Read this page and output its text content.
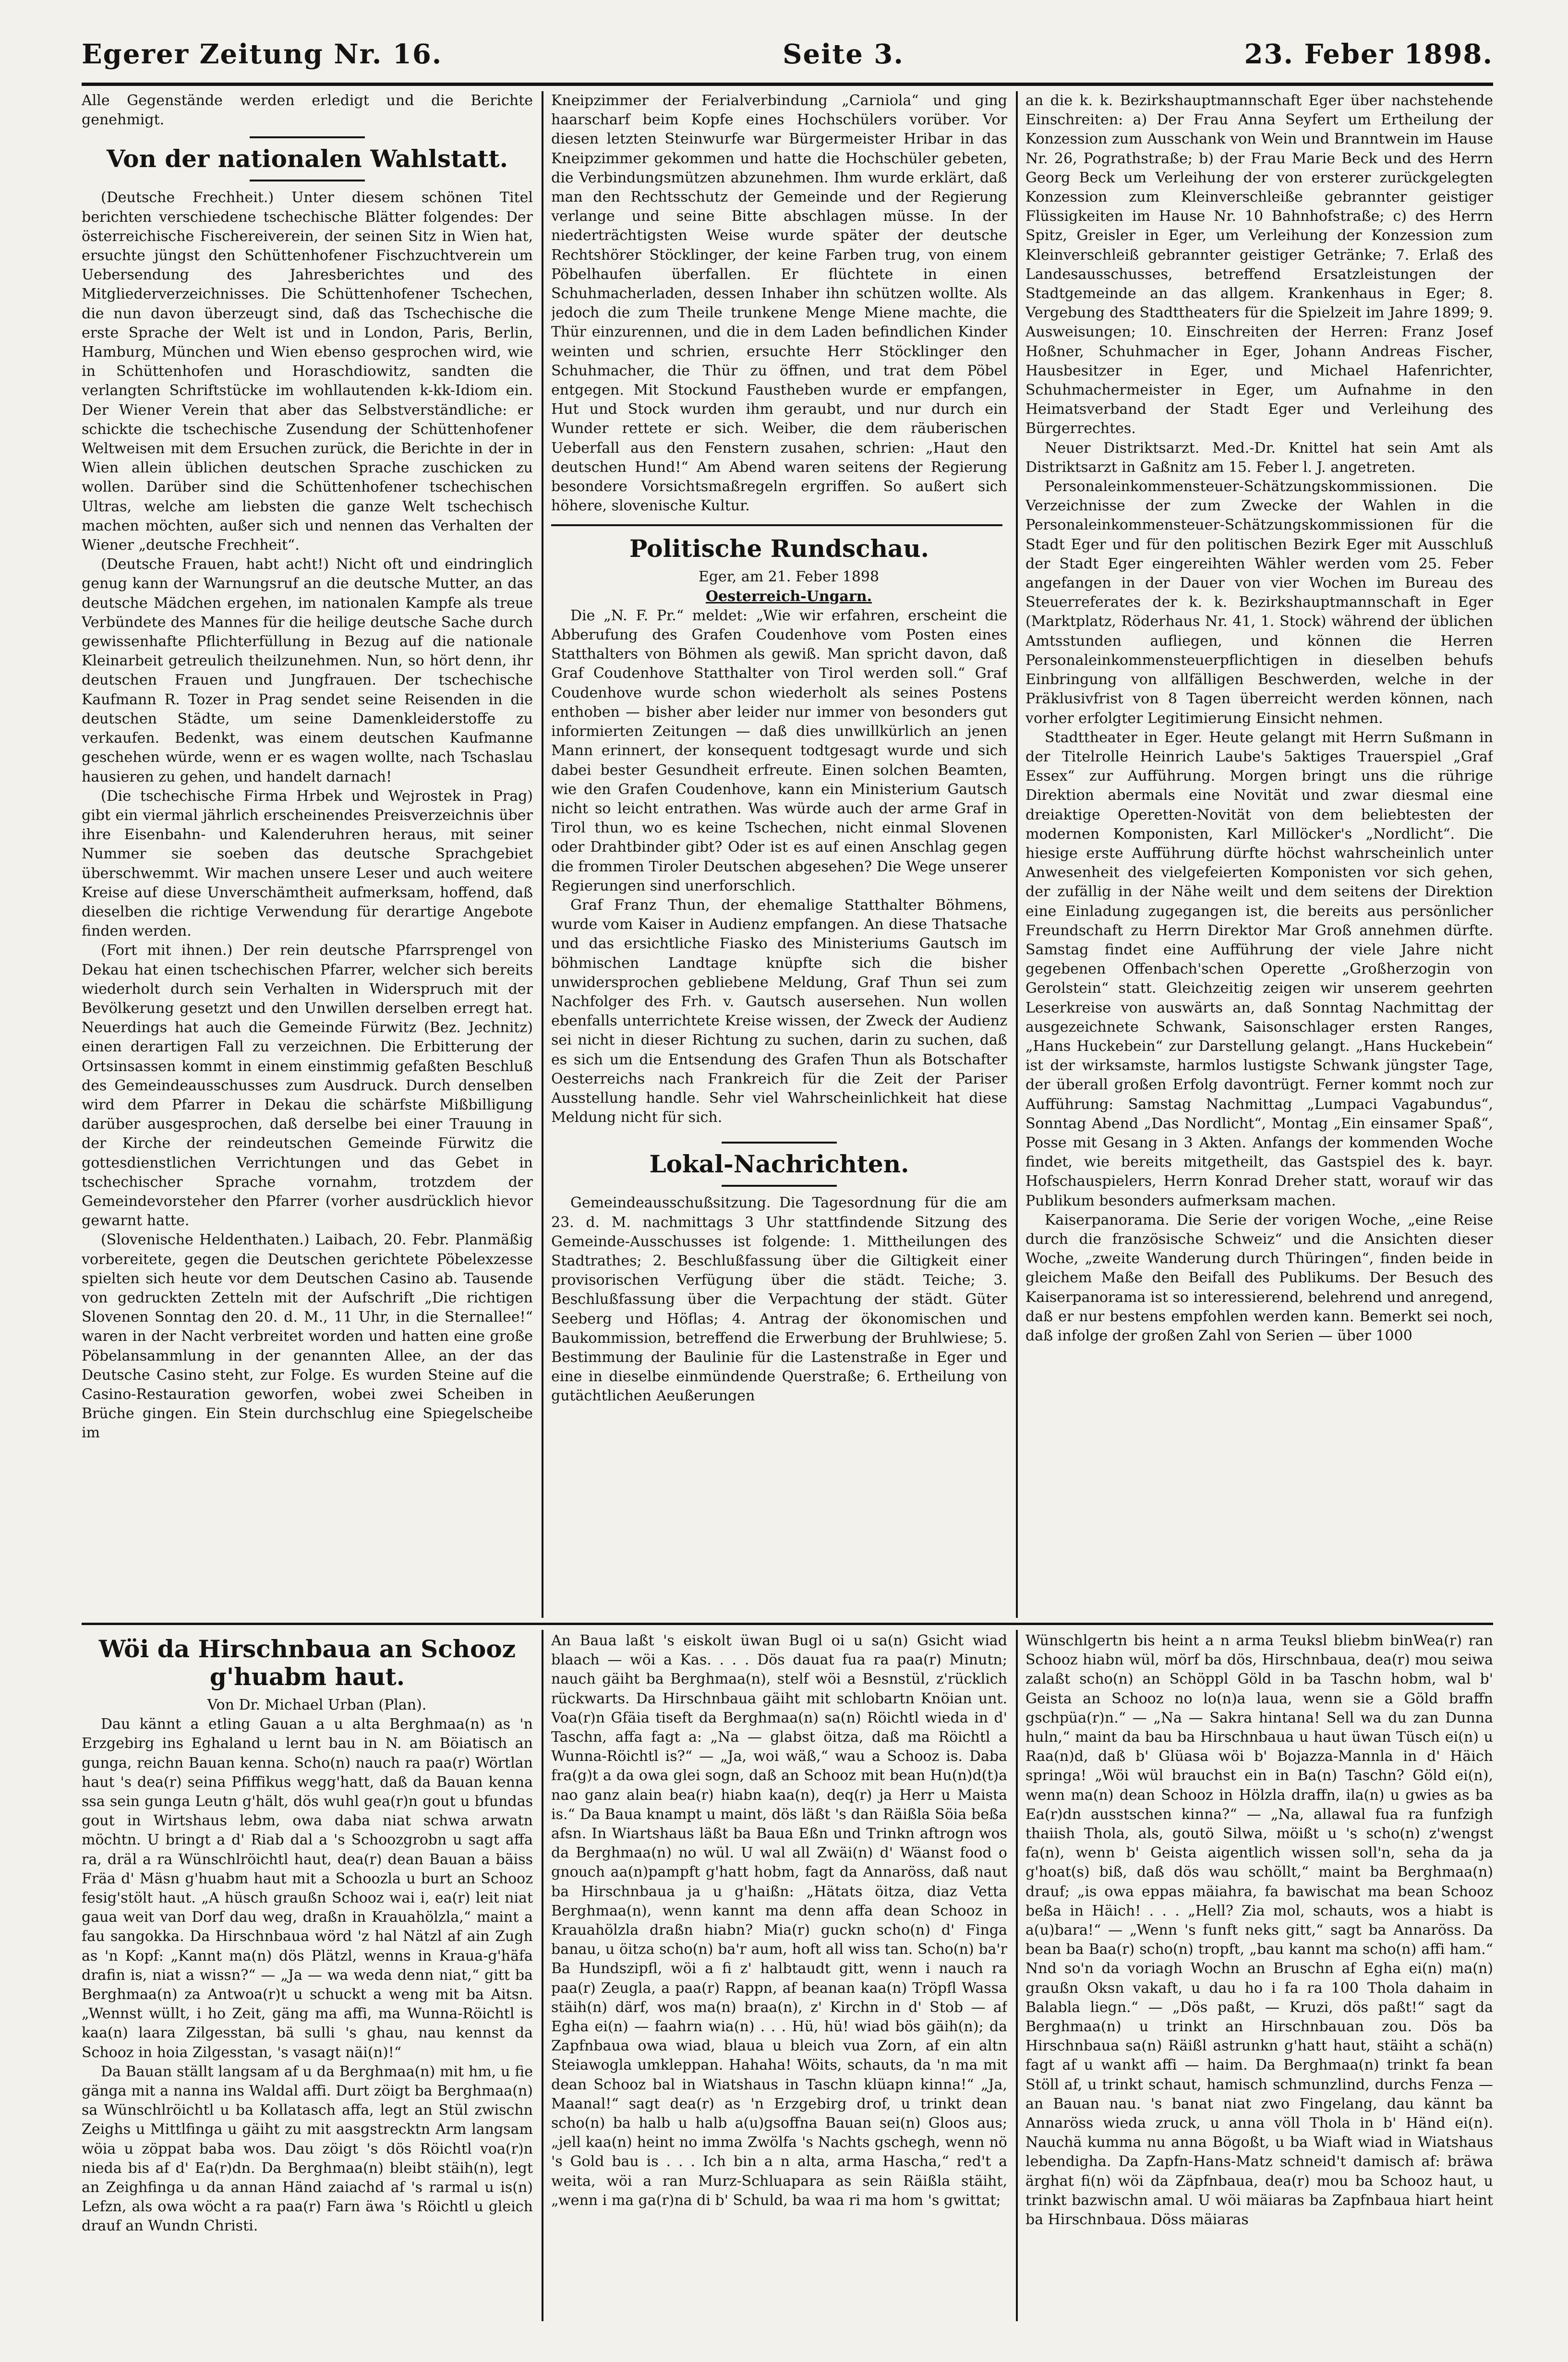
Egerer Zeitung Nr. 16.	Seite 3.	23. Feber 1898.

Alle Gegenstände werden erledigt und die Berichte genehmigt.

Von der nationalen Wahlstatt.

(Deutsche Frechheit.) Unter diesem schönen Titel berichten verschiedene tschechische Blätter folgendes: Der österreichische Fischereiverein, der seinen Sitz in Wien hat, ersuchte jüngst den Schüttenhofener Fischzuchtverein um Uebersendung des Jahresberichtes und des Mitgliederverzeichnisses. Die Schüttenhofener Tschechen, die nun davon überzeugt sind, daß das Tschechische die erste Sprache der Welt ist und in London, Paris, Berlin, Hamburg, München und Wien ebenso gesprochen wird, wie in Schüttenhofen und Horaschdiowitz, sandten die verlangten Schriftstücke im wohllautenden k-kk-Idiom ein. Der Wiener Verein that aber das Selbstverständliche: er schickte die tschechische Zusendung der Schüttenhofener Weltweisen mit dem Ersuchen zurück, die Berichte in der in Wien allein üblichen deutschen Sprache zuschicken zu wollen. Darüber sind die Schüttenhofener tschechischen Ultras, welche am liebsten die ganze Welt tschechisch machen möchten, außer sich und nennen das Verhalten der Wiener „deutsche Frechheit“.

(Deutsche Frauen, habt acht!) Nicht oft und eindringlich genug kann der Warnungsruf an die deutsche Mutter, an das deutsche Mädchen ergehen, im nationalen Kampfe als treue Verbündete des Mannes für die heilige deutsche Sache durch gewissenhafte Pflichterfüllung in Bezug auf die nationale Kleinarbeit getreulich theilzunehmen. Nun, so hört denn, ihr deutschen Frauen und Jungfrauen. Der tschechische Kaufmann R. Tozer in Prag sendet seine Reisenden in die deutschen Städte, um seine Damenkleiderstoffe zu verkaufen. Bedenkt, was einem deutschen Kaufmanne geschehen würde, wenn er es wagen wollte, nach Tschaslau hausieren zu gehen, und handelt darnach!

(Die tschechische Firma Hrbek und Wejrostek in Prag) gibt ein viermal jährlich erscheinendes Preisverzeichnis über ihre Eisenbahn- und Kalenderuhren heraus, mit seiner Nummer sie soeben das deutsche Sprachgebiet überschwemmt. Wir machen unsere Leser und auch weitere Kreise auf diese Unverschämtheit aufmerksam, hoffend, daß dieselben die richtige Verwendung für derartige Angebote finden werden.

(Fort mit ihnen.) Der rein deutsche Pfarrsprengel von Dekau hat einen tschechischen Pfarrer, welcher sich bereits wiederholt durch sein Verhalten in Widerspruch mit der Bevölkerung gesetzt und den Unwillen derselben erregt hat. Neuerdings hat auch die Gemeinde Fürwitz (Bez. Jechnitz) einen derartigen Fall zu verzeichnen. Die Erbitterung der Ortsinsassen kommt in einem einstimmig gefaßten Beschluß des Gemeindeausschusses zum Ausdruck. Durch denselben wird dem Pfarrer in Dekau die schärfste Mißbilligung darüber ausgesprochen, daß derselbe bei einer Trauung in der Kirche der reindeutschen Gemeinde Fürwitz die gottesdienstlichen Verrichtungen und das Gebet in tschechischer Sprache vornahm, trotzdem der Gemeindevorsteher den Pfarrer (vorher ausdrücklich hievor gewarnt hatte.

(Slovenische Heldenthaten.) Laibach, 20. Febr. Planmäßig vorbereitete, gegen die Deutschen gerichtete Pöbelexzesse spielten sich heute vor dem Deutschen Casino ab. Tausende von gedruckten Zetteln mit der Aufschrift „Die richtigen Slovenen Sonntag den 20. d. M., 11 Uhr, in die Sternallee!“ waren in der Nacht verbreitet worden und hatten eine große Pöbelansammlung in der genannten Allee, an der das Deutsche Casino steht, zur Folge. Es wurden Steine auf die Casino-Restauration geworfen, wobei zwei Scheiben in Brüche gingen. Ein Stein durchschlug eine Spiegelscheibe im

Kneipzimmer der Ferialverbindung „Carniola“ und ging haarscharf beim Kopfe eines Hochschülers vorüber. Vor diesen letzten Steinwurfe war Bürgermeister Hribar in das Kneipzimmer gekommen und hatte die Hochschüler gebeten, die Verbindungsmützen abzunehmen. Ihm wurde erklärt, daß man den Rechtsschutz der Gemeinde und der Regierung verlange und seine Bitte abschlagen müsse. In der niederträchtigsten Weise wurde später der deutsche Rechtshörer Stöcklinger, der keine Farben trug, von einem Pöbelhaufen überfallen. Er flüchtete in einen Schuhmacherladen, dessen Inhaber ihn schützen wollte. Als jedoch die zum Theile trunkene Menge Miene machte, die Thür einzurennen, und die in dem Laden befindlichen Kinder weinten und schrien, ersuchte Herr Stöcklinger den Schuhmacher, die Thür zu öffnen, und trat dem Pöbel entgegen. Mit Stockund Faustheben wurde er empfangen, Hut und Stock wurden ihm geraubt, und nur durch ein Wunder rettete er sich. Weiber, die dem räuberischen Ueberfall aus den Fenstern zusahen, schrien: „Haut den deutschen Hund!“ Am Abend waren seitens der Regierung besondere Vorsichtsmaßregeln ergriffen. So außert sich höhere, slovenische Kultur.

Politische Rundschau.

Eger, am 21. Feber 1898

Oesterreich-Ungarn.

Die „N. F. Pr.“ meldet: „Wie wir erfahren, erscheint die Abberufung des Grafen Coudenhove vom Posten eines Statthalters von Böhmen als gewiß. Man spricht davon, daß Graf Coudenhove Statthalter von Tirol werden soll.“ Graf Coudenhove wurde schon wiederholt als seines Postens enthoben — bisher aber leider nur immer von besonders gut informierten Zeitungen — daß dies unwillkürlich an jenen Mann erinnert, der konsequent todtgesagt wurde und sich dabei bester Gesundheit erfreute. Einen solchen Beamten, wie den Grafen Coudenhove, kann ein Ministerium Gautsch nicht so leicht entrathen. Was würde auch der arme Graf in Tirol thun, wo es keine Tschechen, nicht einmal Slovenen oder Drahtbinder gibt? Oder ist es auf einen Anschlag gegen die frommen Tiroler Deutschen abgesehen? Die Wege unserer Regierungen sind unerforschlich.

Graf Franz Thun, der ehemalige Statthalter Böhmens, wurde vom Kaiser in Audienz empfangen. An diese Thatsache und das ersichtliche Fiasko des Ministeriums Gautsch im böhmischen Landtage knüpfte sich die bisher unwidersprochen gebliebene Meldung, Graf Thun sei zum Nachfolger des Frh. v. Gautsch ausersehen. Nun wollen ebenfalls unterrichtete Kreise wissen, der Zweck der Audienz sei nicht in dieser Richtung zu suchen, darin zu suchen, daß es sich um die Entsendung des Grafen Thun als Botschafter Oesterreichs nach Frankreich für die Zeit der Pariser Ausstellung handle. Sehr viel Wahrscheinlichkeit hat diese Meldung nicht für sich.

Lokal-Nachrichten.

Gemeindeausschußsitzung. Die Tagesordnung für die am 23. d. M. nachmittags 3 Uhr stattfindende Sitzung des Gemeinde-Ausschusses ist folgende: 1. Mittheilungen des Stadtrathes; 2. Beschlußfassung über die Giltigkeit einer provisorischen Verfügung über die städt. Teiche; 3. Beschlußfassung über die Verpachtung der städt. Güter Seeberg und Höflas; 4. Antrag der ökonomischen und Baukommission, betreffend die Erwerbung der Bruhlwiese; 5. Bestimmung der Baulinie für die Lastenstraße in Eger und eine in dieselbe einmündende Querstraße; 6. Ertheilung von gutächtlichen Aeußerungen

an die k. k. Bezirkshauptmannschaft Eger über nachstehende Einschreiten: a) Der Frau Anna Seyfert um Ertheilung der Konzession zum Ausschank von Wein und Branntwein im Hause Nr. 26, Pograthstraße; b) der Frau Marie Beck und des Herrn Georg Beck um Verleihung der von ersterer zurückgelegten Konzession zum Kleinverschleiße gebrannter geistiger Flüssigkeiten im Hause Nr. 10 Bahnhofstraße; c) des Herrn Spitz, Greisler in Eger, um Verleihung der Konzession zum Kleinverschleiß gebrannter geistiger Getränke; 7. Erlaß des Landesausschusses, betreffend Ersatzleistungen der Stadtgemeinde an das allgem. Krankenhaus in Eger; 8. Vergebung des Stadttheaters für die Spielzeit im Jahre 1899; 9. Ausweisungen; 10. Einschreiten der Herren: Franz Josef Hoßner, Schuhmacher in Eger, Johann Andreas Fischer, Hausbesitzer in Eger, und Michael Hafenrichter, Schuhmachermeister in Eger, um Aufnahme in den Heimatsverband der Stadt Eger und Verleihung des Bürgerrechtes.

Neuer Distriktsarzt. Med.-Dr. Knittel hat sein Amt als Distriktsarzt in Gaßnitz am 15. Feber l. J. angetreten.

Personaleinkommensteuer-Schätzungskommissionen. Die Verzeichnisse der zum Zwecke der Wahlen in die Personaleinkommensteuer-Schätzungskommissionen für die Stadt Eger und für den politischen Bezirk Eger mit Ausschluß der Stadt Eger eingereihten Wähler werden vom 25. Feber angefangen in der Dauer von vier Wochen im Bureau des Steuerreferates der k. k. Bezirkshauptmannschaft in Eger (Marktplatz, Röderhaus Nr. 41, 1. Stock) während der üblichen Amtsstunden aufliegen, und können die Herren Personaleinkommensteuerpflichtigen in dieselben behufs Einbringung von allfälligen Beschwerden, welche in der Präklusivfrist von 8 Tagen überreicht werden können, nach vorher erfolgter Legitimierung Einsicht nehmen.

Stadttheater in Eger. Heute gelangt mit Herrn Sußmann in der Titelrolle Heinrich Laube's 5aktiges Trauerspiel „Graf Essex“ zur Aufführung. Morgen bringt uns die rührige Direktion abermals eine Novität und zwar diesmal eine dreiaktige Operetten-Novität von dem beliebtesten der modernen Komponisten, Karl Millöcker's „Nordlicht“. Die hiesige erste Aufführung dürfte höchst wahrscheinlich unter Anwesenheit des vielgefeierten Komponisten vor sich gehen, der zufällig in der Nähe weilt und dem seitens der Direktion eine Einladung zugegangen ist, die bereits aus persönlicher Freundschaft zu Herrn Direktor Mar Groß annehmen dürfte. Samstag findet eine Aufführung der viele Jahre nicht gegebenen Offenbach'schen Operette „Großherzogin von Gerolstein“ statt. Gleichzeitig zeigen wir unserem geehrten Leserkreise von auswärts an, daß Sonntag Nachmittag der ausgezeichnete Schwank, Saisonschlager ersten Ranges, „Hans Huckebein“ zur Darstellung gelangt. „Hans Huckebein“ ist der wirksamste, harmlos lustigste Schwank jüngster Tage, der überall großen Erfolg davontrügt. Ferner kommt noch zur Aufführung: Samstag Nachmittag „Lumpaci Vagabundus“, Sonntag Abend „Das Nordlicht“, Montag „Ein einsamer Spaß“, Posse mit Gesang in 3 Akten. Anfangs der kommenden Woche findet, wie bereits mitgetheilt, das Gastspiel des k. bayr. Hofschauspielers, Herrn Konrad Dreher statt, worauf wir das Publikum besonders aufmerksam machen.

Kaiserpanorama. Die Serie der vorigen Woche, „eine Reise durch die französische Schweiz“ und die Ansichten dieser Woche, „zweite Wanderung durch Thüringen“, finden beide in gleichem Maße den Beifall des Publikums. Der Besuch des Kaiserpanorama ist so interessierend, belehrend und anregend, daß er nur bestens empfohlen werden kann. Bemerkt sei noch, daß infolge der großen Zahl von Serien — über 1000

Wöi da Hirschnbaua an Schooz g'huabm haut.

Von Dr. Michael Urban (Plan).

Dau kännt a etling Gauan a u alta Berghmaa(n) as 'n Erzgebirg ins Eghaland u lernt bau in N. am Böiatisch an gunga, reichn Bauan kenna. Scho(n) nauch ra paa(r) Wörtlan haut 's dea(r) seina Pfiffikus wegg'hatt, daß da Bauan kenna ssa sein gunga Leutn g'hält, dös wuhl gea(r)n gout u bfundas gout in Wirtshaus lebm, owa daba niat schwa arwatn möchtn. U bringt a d' Riab dal a 's Schoozgrobn u sagt affa ra, dräl a ra Wünschlröichtl haut, dea(r) dean Bauan a bäiss Fräa d' Mäsn g'huabm haut mit a Schoozla u burt an Schooz fesig'stölt haut. „A hüsch graußn Schooz wai i, ea(r) leit niat gaua weit van Dorf dau weg, draßn in Krauahölzla,“ maint a fau sangokka. Da Hirschnbaua wörd 'z hal Nätzl af ain Zugh as 'n Kopf: „Kannt ma(n) dös Plätzl, wenns in Kraua-g'häfa drafin is, niat a wissn?“ — „Ja — wa weda denn niat,“ gitt ba Berghmaa(n) za Antwoa(r)t u schuckt a weng mit ba Aitsn. „Wennst wüllt, i ho Zeit, gäng ma affi, ma Wunna-Röichtl is kaa(n) laara Zilgesstan, bä sulli 's ghau, nau kennst da Schooz in hoia Zilgesstan, 's vasagt näi(n)!“

Da Bauan ställt langsam af u da Berghmaa(n) mit hm, u fie gänga mit a nanna ins Waldal affi. Durt zöigt ba Berghmaa(n) sa Wünschlröichtl u ba Kollatasch affa, legt an Stül zwischn Zeighs u Mittlfinga u gäiht zu mit aasgstrecktn Arm langsam wöia u zöppat baba wos. Dau zöigt 's dös Röichtl voa(r)n nieda bis af d' Ea(r)dn. Da Berghmaa(n) bleibt stäih(n), legt an Zeighfinga u da annan Händ zaiachd af 's rarmal u is(n) Lefzn, als owa wöcht a ra paa(r) Farn äwa 's Röichtl u gleich drauf an Wundn Christi.

An Baua laßt 's eiskolt üwan Bugl oi u sa(n) Gsicht wiad blaach — wöi a Kas. . . . Dös dauat fua ra paa(r) Minutn; nauch gäiht ba Berghmaa(n), stelf wöi a Besnstül, z'rücklich rückwarts. Da Hirschnbaua gäiht mit schlobartn Knöian unt. Voa(r)n Gfäia tiseft da Berghmaa(n) sa(n) Röichtl wieda in d' Taschn, affa fagt a: „Na — glabst öitza, daß ma Röichtl a Wunna-Röichtl is?“ — „Ja, woi wäß,“ wau a Schooz is. Daba fra(g)t a da owa glei sogn, daß an Schooz mit bean Hu(n)d(t)a nao ganz alain bea(r) hiabn kaa(n), deq(r) ja Herr u Maista is.“ Da Baua knampt u maint, dös läßt 's dan Räißla Söia beßa afsn. In Wiartshaus läßt ba Baua Eßn und Trinkn aftrogn wos da Berghmaa(n) no wül. U wal all Zwäi(n) d' Wäanst food o gnouch aa(n)pampft g'hatt hobm, fagt da Annaröss, daß naut ba Hirschnbaua ja u g'haißn: „Hätats öitza, diaz Vetta Berghmaa(n), wenn kannt ma denn affa dean Schooz in Krauahölzla draßn hiabn? Mia(r) guckn scho(n) d' Finga banau, u öitza scho(n) ba'r aum, hoft all wiss tan. Scho(n) ba'r Ba Hundszipfl, wöi a fi z' halbtaudt gitt, wenn i nauch ra paa(r) Zeugla, a paa(r) Rappn, af beanan kaa(n) Tröpfl Wassa stäih(n) därf, wos ma(n) braa(n), z' Kirchn in d' Stob — af Egha ei(n) — faahrn wia(n) . . . Hü, hü! wiad bös gäih(n); da Zapfnbaua owa wiad, blaua u bleich vua Zorn, af ein altn Steiawogla umkleppan. Hahaha! Wöits, schauts, da 'n ma mit dean Schooz bal in Wiatshaus in Taschn klüapn kinna!“ „Ja, Maanal!“ sagt dea(r) as 'n Erzgebirg drof, u trinkt dean scho(n) ba halb u halb a(u)gsoffna Bauan sei(n) Gloos aus; „jell kaa(n) heint no imma Zwölfa 's Nachts gschegh, wenn nö 's Gold bau is . . . Ich bin a n alta, arma Hascha,“ red't a weita, wöi a ran Murz-Schluapara as sein Räißla stäiht, „wenn i ma ga(r)na di b' Schuld, ba waa ri ma hom 's gwittat;

Wünschlgertn bis heint a n arma Teuksl bliebm binWea(r) ran Schooz hiabn wül, mörf ba dös, Hirschnbaua, dea(r) mou seiwa zalaßt scho(n) an Schöppl Göld in ba Taschn hobm, wal b' Geista an Schooz no lo(n)a laua, wenn sie a Göld braffn gschpüa(r)n.“ — „Na — Sakra hintana! Sell wa du zan Dunna huln,“ maint da bau ba Hirschnbaua u haut üwan Tüsch ei(n) u Raa(n)d, daß b' Glüasa wöi b' Bojazza-Mannla in d' Häich springa! „Wöi wül brauchst ein in Ba(n) Taschn? Göld ei(n), wenn ma(n) dean Schooz in Hölzla draffn, ila(n) u gwies as ba Ea(r)dn ausstschen kinna?“ — „Na, allawal fua ra funfzigh thaiish Thola, als, goutö Silwa, möißt u 's scho(n) z'wengst fa(n), wenn b' Geista aigentlich wissen soll'n, seha da ja g'hoat(s) biß, daß dös wau schöllt,“ maint ba Berghmaa(n) drauf; „is owa eppas mäiahra, fa bawischat ma bean Schooz beßa in Häich! . . . „Hell? Zia mol, schauts, wos a hiabt is a(u)bara!“ — „Wenn 's funft neks gitt,“ sagt ba Annaröss. Da bean ba Baa(r) scho(n) tropft, „bau kannt ma scho(n) affi ham.“ Nnd so'n da voriagh Wochn an Bruschn af Egha ei(n) ma(n) graußn Oksn vakaft, u dau ho i fa ra 100 Thola dahaim in Balabla liegn.“ — „Dös paßt, — Kruzi, dös paßt!“ sagt da Berghmaa(n) u trinkt an Hirschnbauan zou. Dös ba Hirschnbaua sa(n) Räißl astrunkn g'hatt haut, stäiht a schä(n) fagt af u wankt affi — haim. Da Berghmaa(n) trinkt fa bean Stöll af, u trinkt schaut, hamisch schmunzlind, durchs Fenza — an Bauan nau. 's banat niat zwo Fingelang, dau kännt ba Annaröss wieda zruck, u anna völl Thola in b' Händ ei(n). Nauchä kumma nu anna Bögoßt, u ba Wiaft wiad in Wiatshaus lebendigha. Da Zapfn-Hans-Matz schneid't damisch af: bräwa ärghat fi(n) wöi da Zäpfnbaua, dea(r) mou ba Schooz haut, u trinkt bazwischn amal. U wöi mäiaras ba Zapfnbaua hiart heint ba Hirschnbaua. Döss mäiaras
